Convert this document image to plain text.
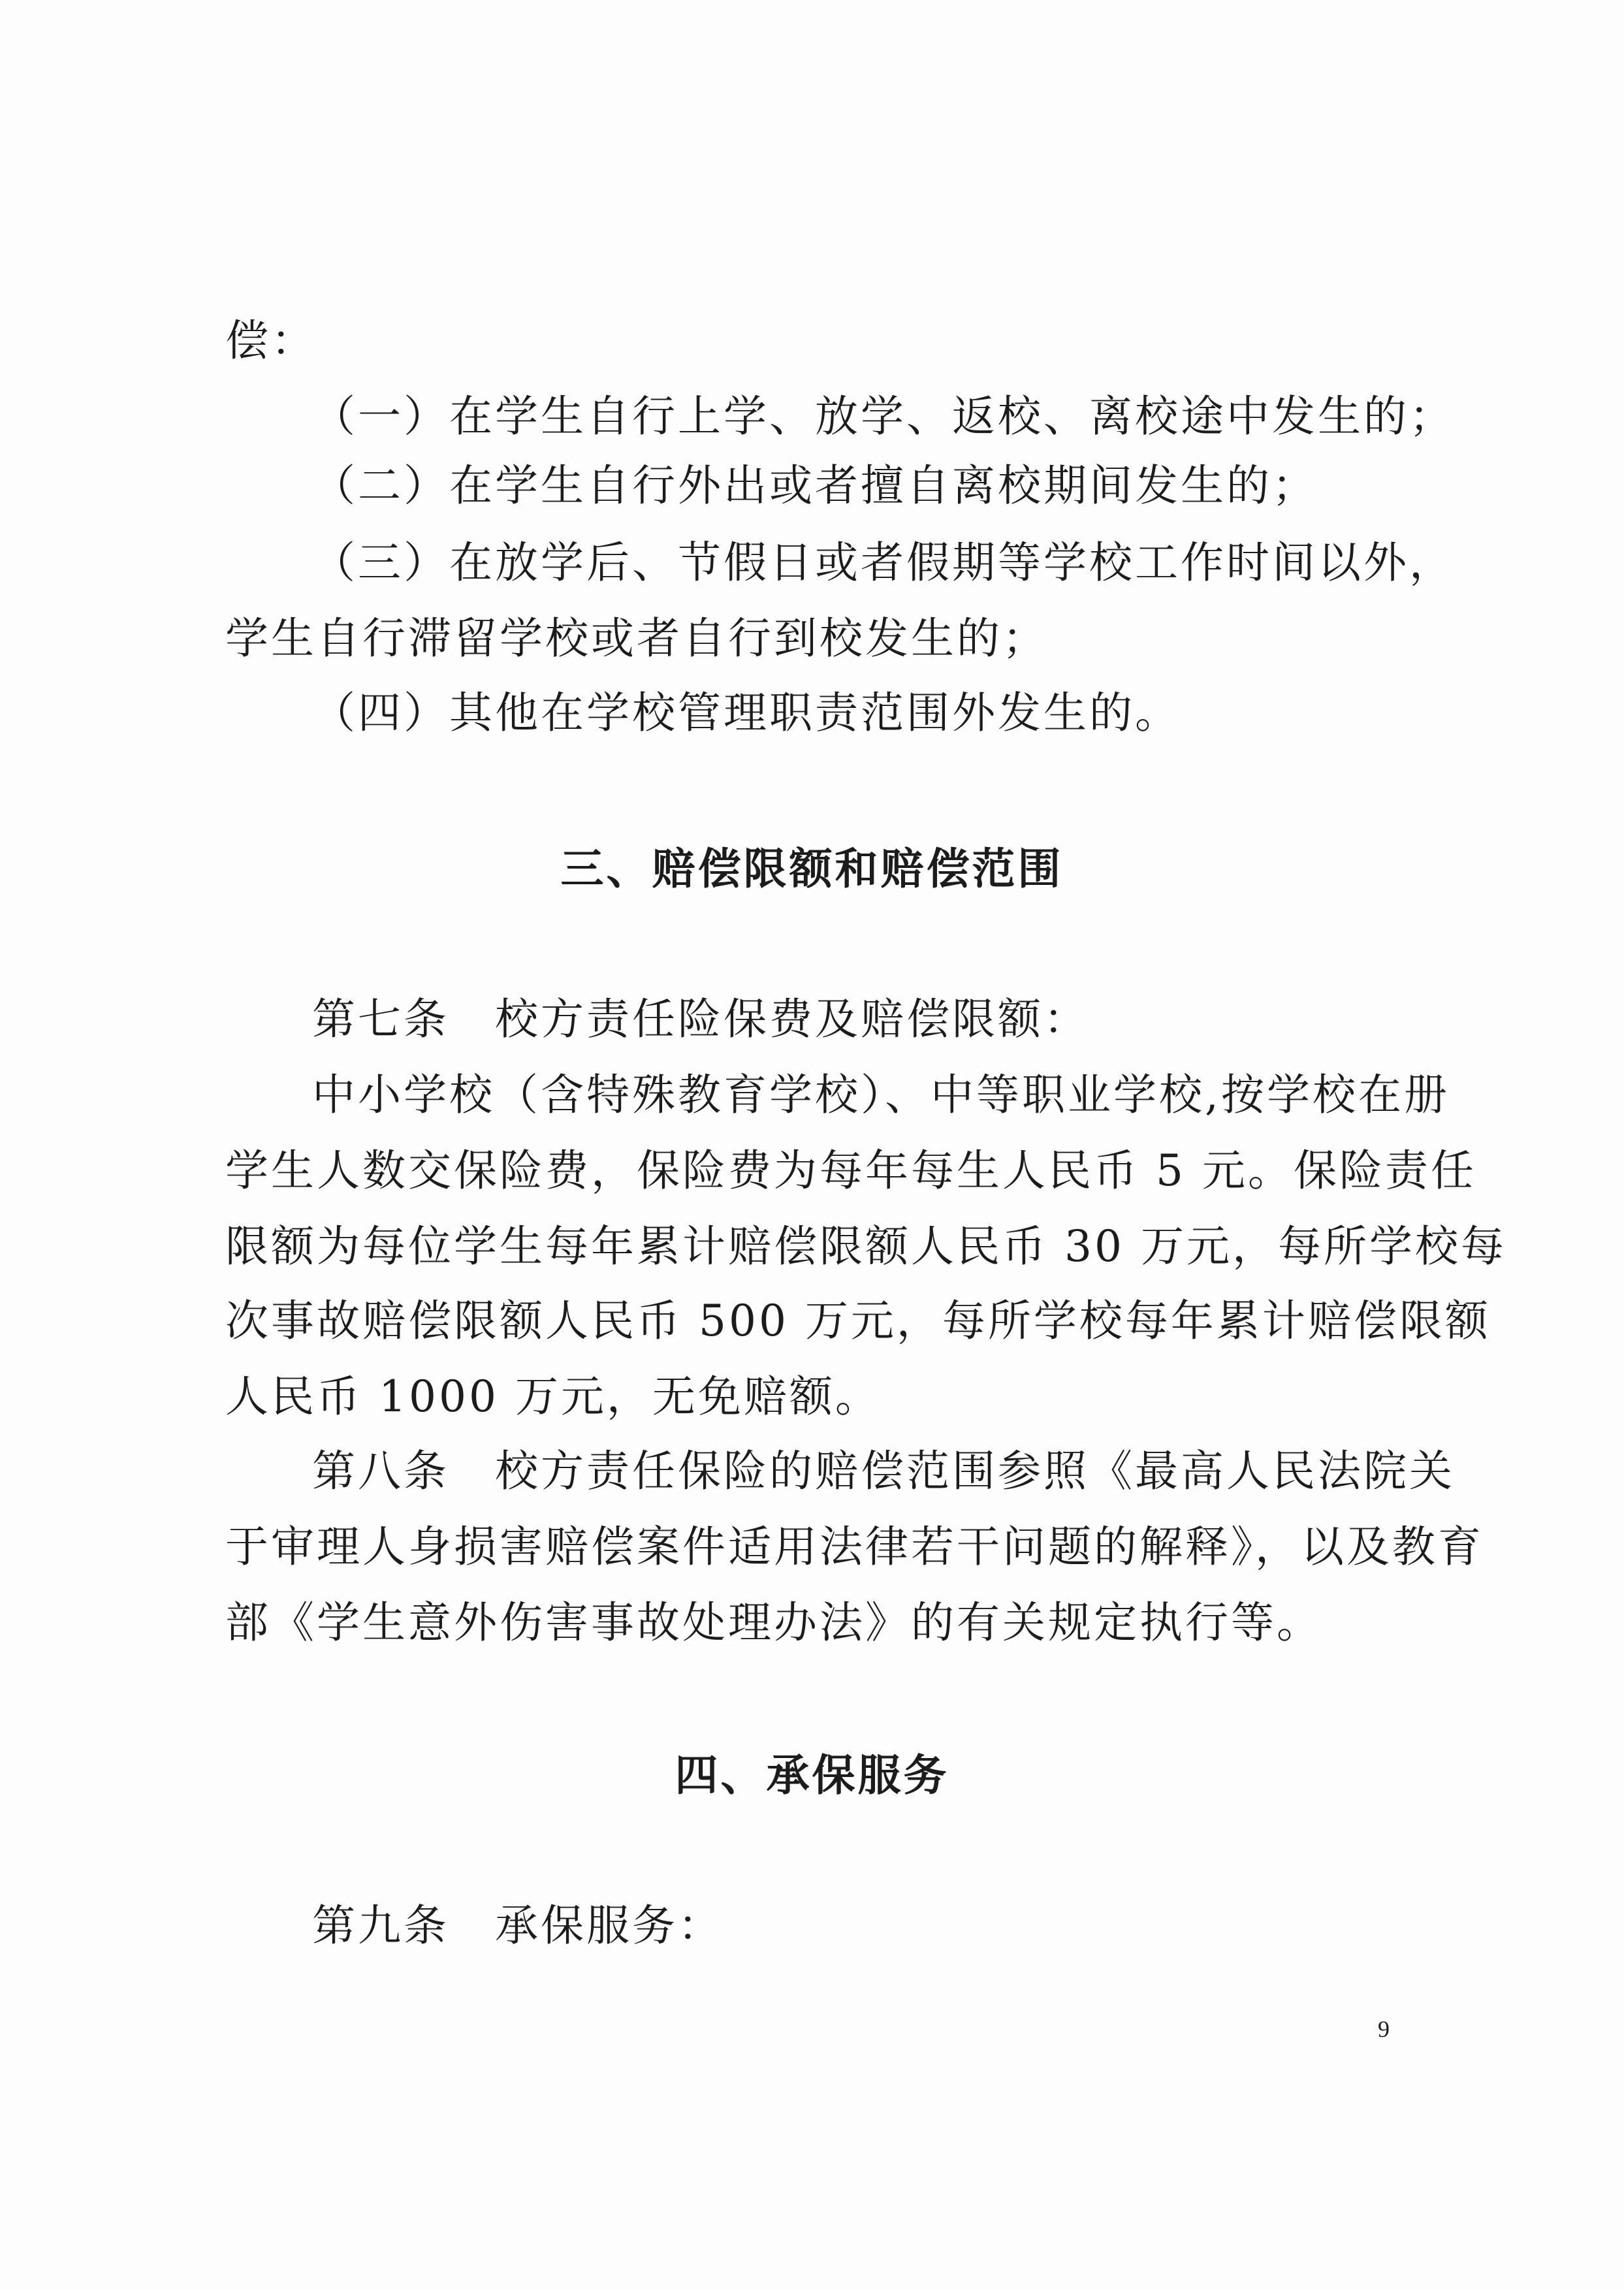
偿：
（一）在学生自行上学、放学、返校、离校途中发生的；
（二）在学生自行外出或者擅自离校期间发生的；
（三）在放学后、节假日或者假期等学校工作时间以外，
学生自行滞留学校或者自行到校发生的；
（四）其他在学校管理职责范围外发生的。
三、赔偿限额和赔偿范围
第七条　校方责任险保费及赔偿限额：
中小学校（含特殊教育学校）、中等职业学校,按学校在册
学生人数交保险费，保险费为每年每生人民币 5 元。保险责任
限额为每位学生每年累计赔偿限额人民币 30 万元，每所学校每
次事故赔偿限额人民币 500 万元，每所学校每年累计赔偿限额
人民币 1000 万元，无免赔额。
第八条　校方责任保险的赔偿范围参照《最高人民法院关
于审理人身损害赔偿案件适用法律若干问题的解释》，以及教育
部《学生意外伤害事故处理办法》的有关规定执行等。
四、承保服务
第九条　承保服务：
9
